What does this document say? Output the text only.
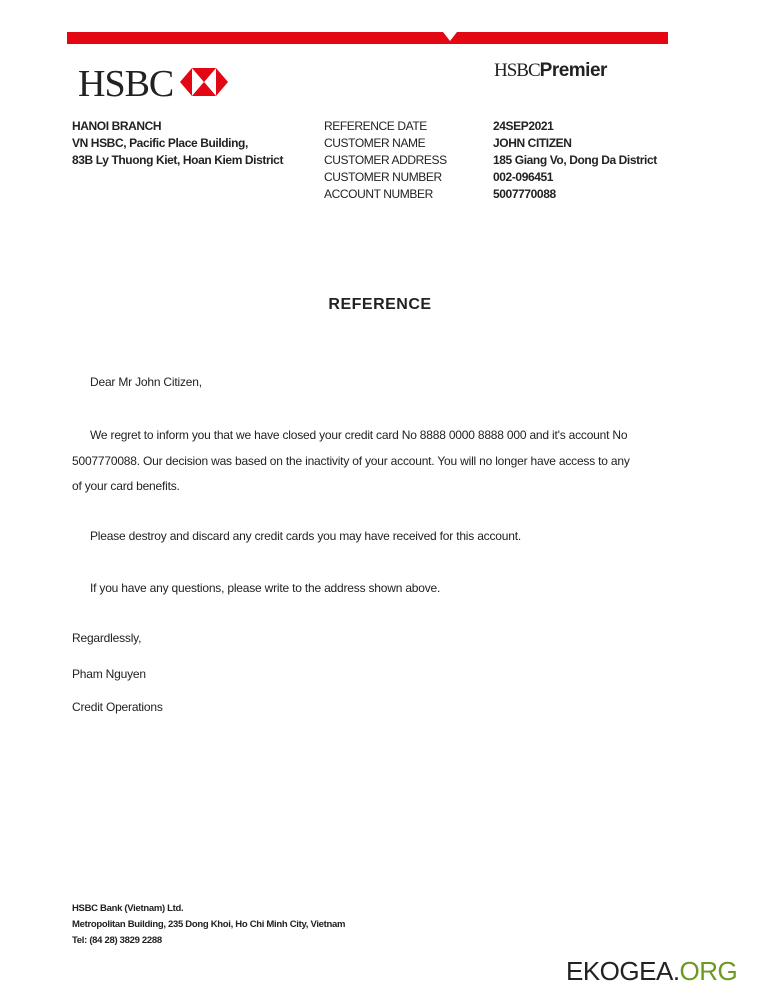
HSBC	HSBCPremier
HANOI BRANCH
VN HSBC, Pacific Place Building,
83B Ly Thuong Kiet, Hoan Kiem District
REFERENCE DATE
CUSTOMER NAME
CUSTOMER ADDRESS
CUSTOMER NUMBER
ACCOUNT NUMBER
24SEP2021
JOHN CITIZEN
185 Giang Vo, Dong Da District
002-096451
5007770088
REFERENCE
Dear Mr John Citizen,
We regret to inform you that we have closed your credit card No 8888 0000 8888 000 and it's account No
5007770088. Our decision was based on the inactivity of your account. You will no longer have access to any
of your card benefits.
Please destroy and discard any credit cards you may have received for this account.
If you have any questions, please write to the address shown above.
Regardlessly,
Pham Nguyen
Credit Operations
HSBC Bank (Vietnam) Ltd.
Metropolitan Building, 235 Dong Khoi, Ho Chi Minh City, Vietnam
Tel: (84 28) 3829 2288
EKOGEA.ORG
